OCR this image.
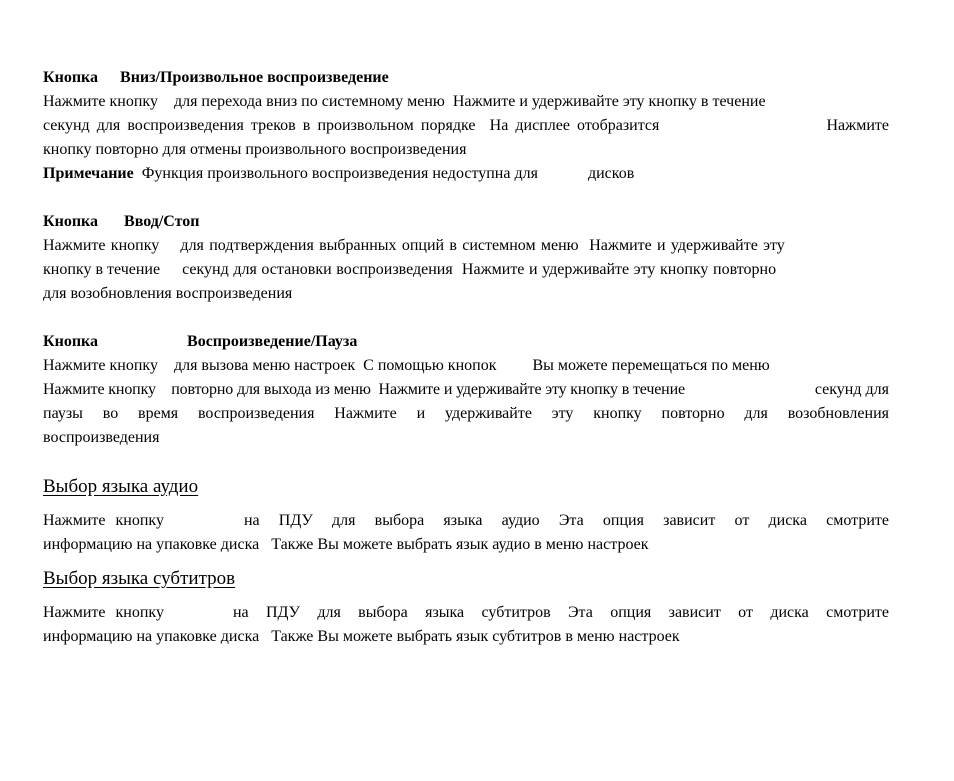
Кнопка Вниз/Произвольное воспроизведение
Нажмите кнопку    для перехода вниз по системному меню  Нажмите и удерживайте эту кнопку в течение
секунд для воспроизведения треков в произвольном порядке  На дисплее отобразится	Нажмите
кнопку повторно для отмены произвольного воспроизведения
Примечание Функция произвольного воспроизведения недоступна для	дисков
Кнопка Ввод/Стоп
Нажмите кнопку    для подтверждения выбранных опций в системном меню  Нажмите и удерживайте эту
кнопку в течение секунд для остановки воспроизведения  Нажмите и удерживайте эту кнопку повторно
для возобновления воспроизведения
Кнопка	Воспроизведение/Пауза
Нажмите кнопку    для вызова меню настроек  С помощью кнопок Вы можете перемещаться по меню
Нажмите кнопку    повторно для выхода из меню  Нажмите и удерживайте эту кнопку в течение	секунд для
паузы во время воспроизведения Нажмите и удерживайте эту кнопку повторно для возобновления
воспроизведения
Выбор языка аудио
Нажмите кнопку	на ПДУ для выбора языка аудио Эта опция зависит от диска смотрите
информацию на упаковке диска   Также Вы можете выбрать язык аудио в меню настроек
Выбор языка субтитров
Нажмите кнопку	на ПДУ для выбора языка субтитров Эта опция зависит от диска смотрите
информацию на упаковке диска   Также Вы можете выбрать язык субтитров в меню настроек
